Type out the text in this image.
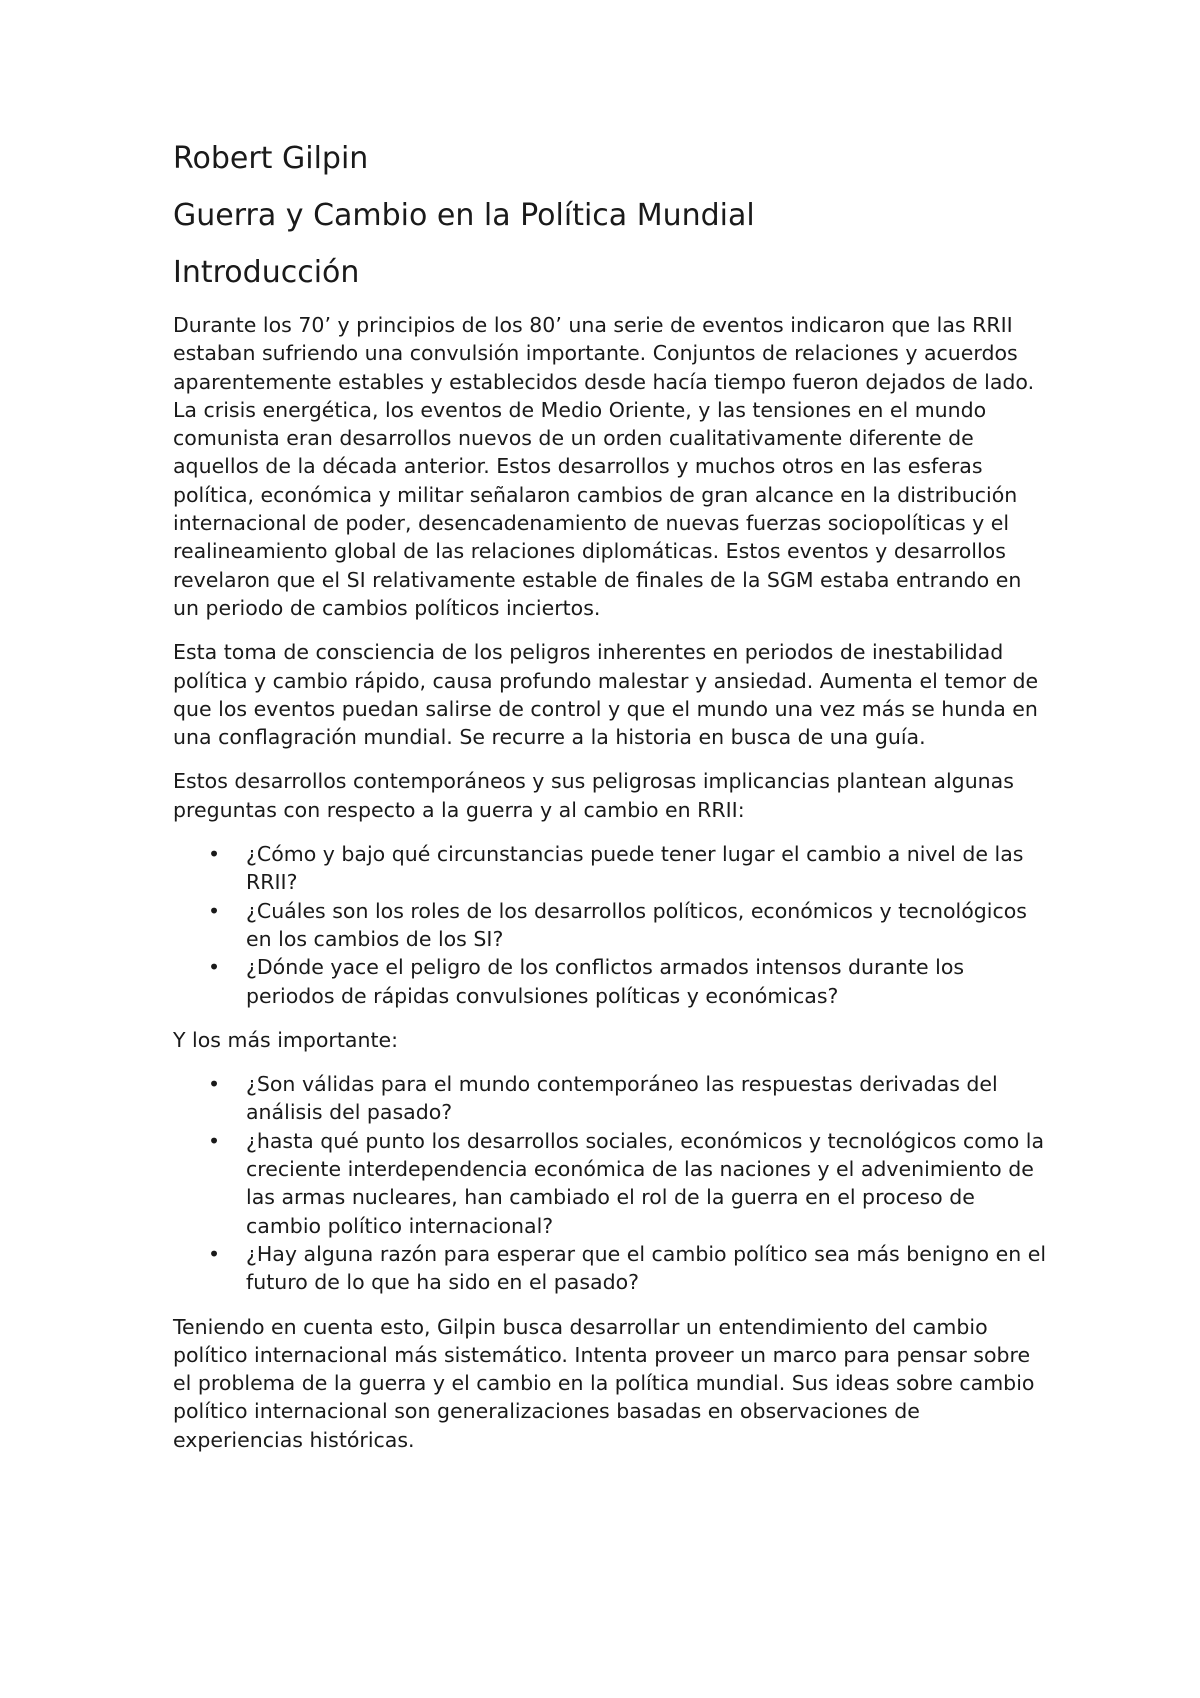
Robert Gilpin
Guerra y Cambio en la Política Mundial
Introducción

Durante los 70’ y principios de los 80’ una serie de eventos indicaron que las RRII estaban sufriendo una convulsión importante. Conjuntos de relaciones y acuerdos aparentemente estables y establecidos desde hacía tiempo fueron dejados de lado. La crisis energética, los eventos de Medio Oriente, y las tensiones en el mundo comunista eran desarrollos nuevos de un orden cualitativamente diferente de aquellos de la década anterior. Estos desarrollos y muchos otros en las esferas política, económica y militar señalaron cambios de gran alcance en la distribución internacional de poder, desencadenamiento de nuevas fuerzas sociopolíticas y el realineamiento global de las relaciones diplomáticas. Estos eventos y desarrollos revelaron que el SI relativamente estable de finales de la SGM estaba entrando en un periodo de cambios políticos inciertos.

Esta toma de consciencia de los peligros inherentes en periodos de inestabilidad política y cambio rápido, causa profundo malestar y ansiedad. Aumenta el temor de que los eventos puedan salirse de control y que el mundo una vez más se hunda en una conflagración mundial. Se recurre a la historia en busca de una guía.

Estos desarrollos contemporáneos y sus peligrosas implicancias plantean algunas preguntas con respecto a la guerra y al cambio en RRII:

• ¿Cómo y bajo qué circunstancias puede tener lugar el cambio a nivel de las RRII?
• ¿Cuáles son los roles de los desarrollos políticos, económicos y tecnológicos en los cambios de los SI?
• ¿Dónde yace el peligro de los conflictos armados intensos durante los periodos de rápidas convulsiones políticas y económicas?

Y los más importante:

• ¿Son válidas para el mundo contemporáneo las respuestas derivadas del análisis del pasado?
• ¿hasta qué punto los desarrollos sociales, económicos y tecnológicos como la creciente interdependencia económica de las naciones y el advenimiento de las armas nucleares, han cambiado el rol de la guerra en el proceso de cambio político internacional?
• ¿Hay alguna razón para esperar que el cambio político sea más benigno en el futuro de lo que ha sido en el pasado?

Teniendo en cuenta esto, Gilpin busca desarrollar un entendimiento del cambio político internacional más sistemático. Intenta proveer un marco para pensar sobre el problema de la guerra y el cambio en la política mundial. Sus ideas sobre cambio político internacional son generalizaciones basadas en observaciones de experiencias históricas.
